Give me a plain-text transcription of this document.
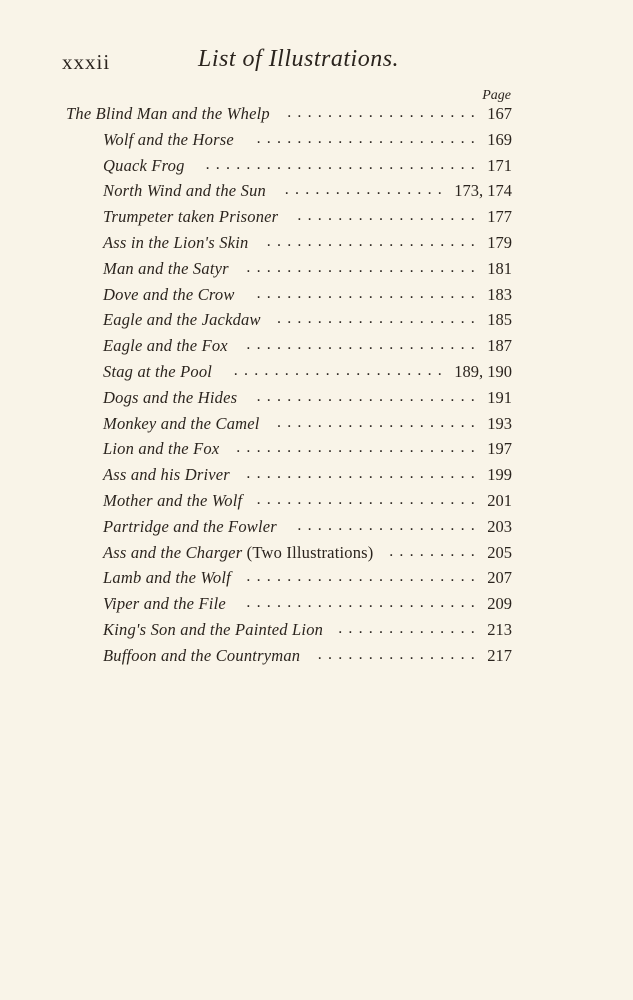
xxxii	List of Illustrations.
Page
The Blind Man and the Whelp	................... 167
Wolf and the Horse	...................... 169
Quack Frog	........................... 171
North Wind and the Sun	................ 173, 174
Trumpeter taken Prisoner	.................. 177
Ass in the Lion's Skin	..................... 179
Man and the Satyr	....................... 181
Dove and the Crow	...................... 183
Eagle and the Jackdaw	.................... 185
Eagle and the Fox	....................... 187
Stag at the Pool	..................... 189, 190
Dogs and the Hides	...................... 191
Monkey and the Camel	.................... 193
Lion and the Fox	........................ 197
Ass and his Driver	....................... 199
Mother and the Wolf ...................... 201
Partridge and the Fowler	.................. 203
Ass and the Charger (Two Illustrations) ......... 205
Lamb and the Wolf ....................... 207
Viper and the File	....................... 209
King's Son and the Painted Lion .............. 213
Buffoon and the Countryman	................ 217
